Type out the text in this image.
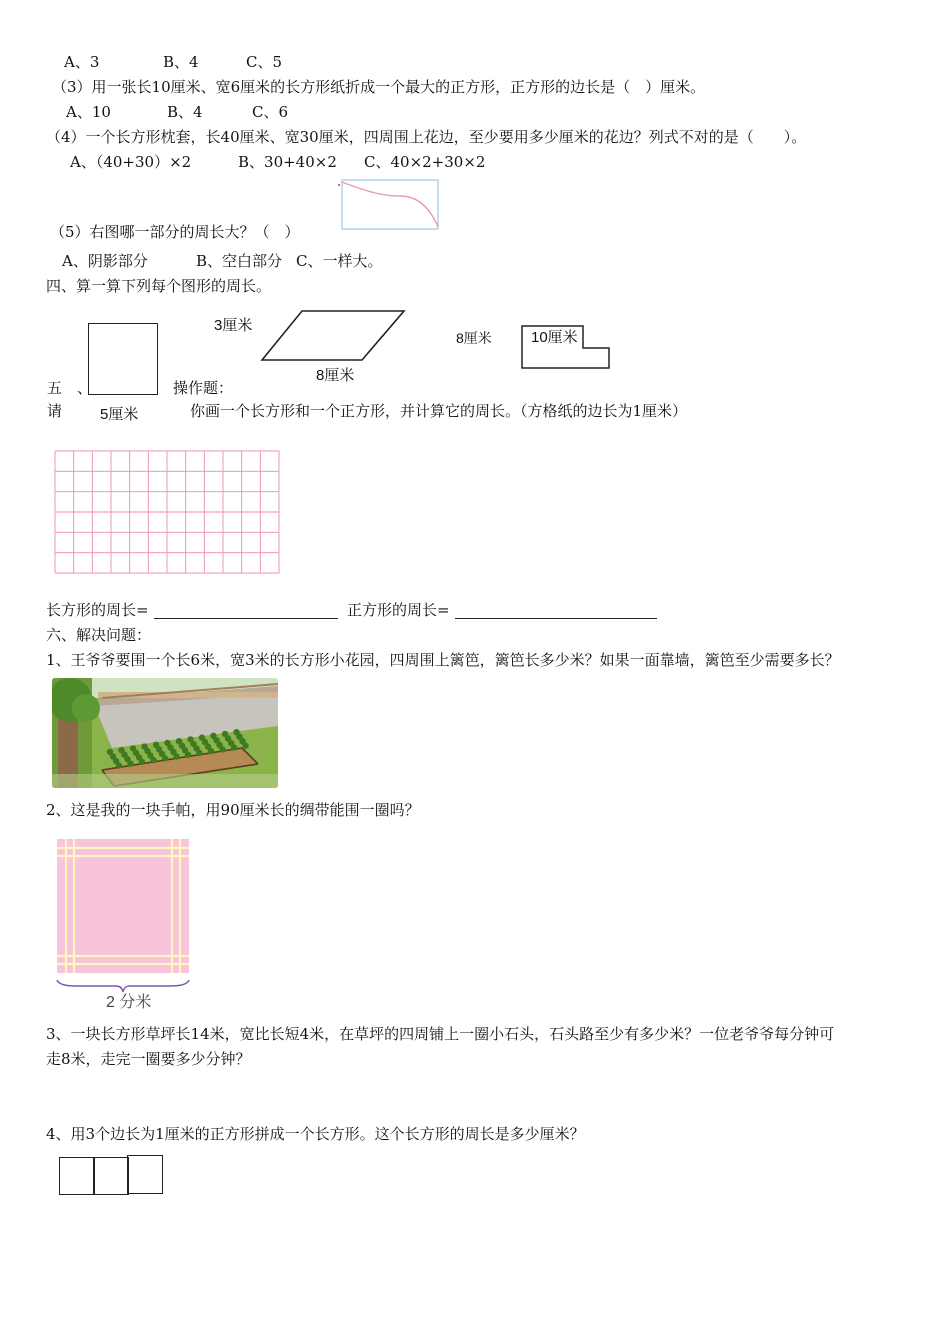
A、3	B、4	C、5
（3）用一张长10厘米、宽6厘米的长方形纸折成一个最大的正方形，正方形的边长是（　）厘米。
A、10	B、4	C、6
（4）一个长方形枕套，长40厘米、宽30厘米，四周围上花边，至少要用多少厘米的花边？列式不对的是（　　）。
A、（40+30）×2	B、30+40×2 C、40×2+30×2
（5）右图哪一部分的周长大？（　）
A、阴影部分	B、空白部分 C、一样大。
四、算一算下列每个图形的周长。
5厘米
3厘米
8厘米
8厘米	10厘米
五　、	操作题：
请	你画一个长方形和一个正方形，并计算它的周长。（方格纸的边长为1厘米）
长方形的周长=	正方形的周长=
六、解决问题：
1、王爷爷要围一个长6米，宽3米的长方形小花园，四周围上篱笆，篱笆长多少米？如果一面靠墙，篱笆至少需要多长？
2、这是我的一块手帕，用90厘米长的绸带能围一圈吗？
2 分米
3、一块长方形草坪长14米，宽比长短4米，在草坪的四周铺上一圈小石头，石头路至少有多少米？一位老爷爷每分钟可
走8米，走完一圈要多少分钟？
4、用3个边长为1厘米的正方形拼成一个长方形。这个长方形的周长是多少厘米？
